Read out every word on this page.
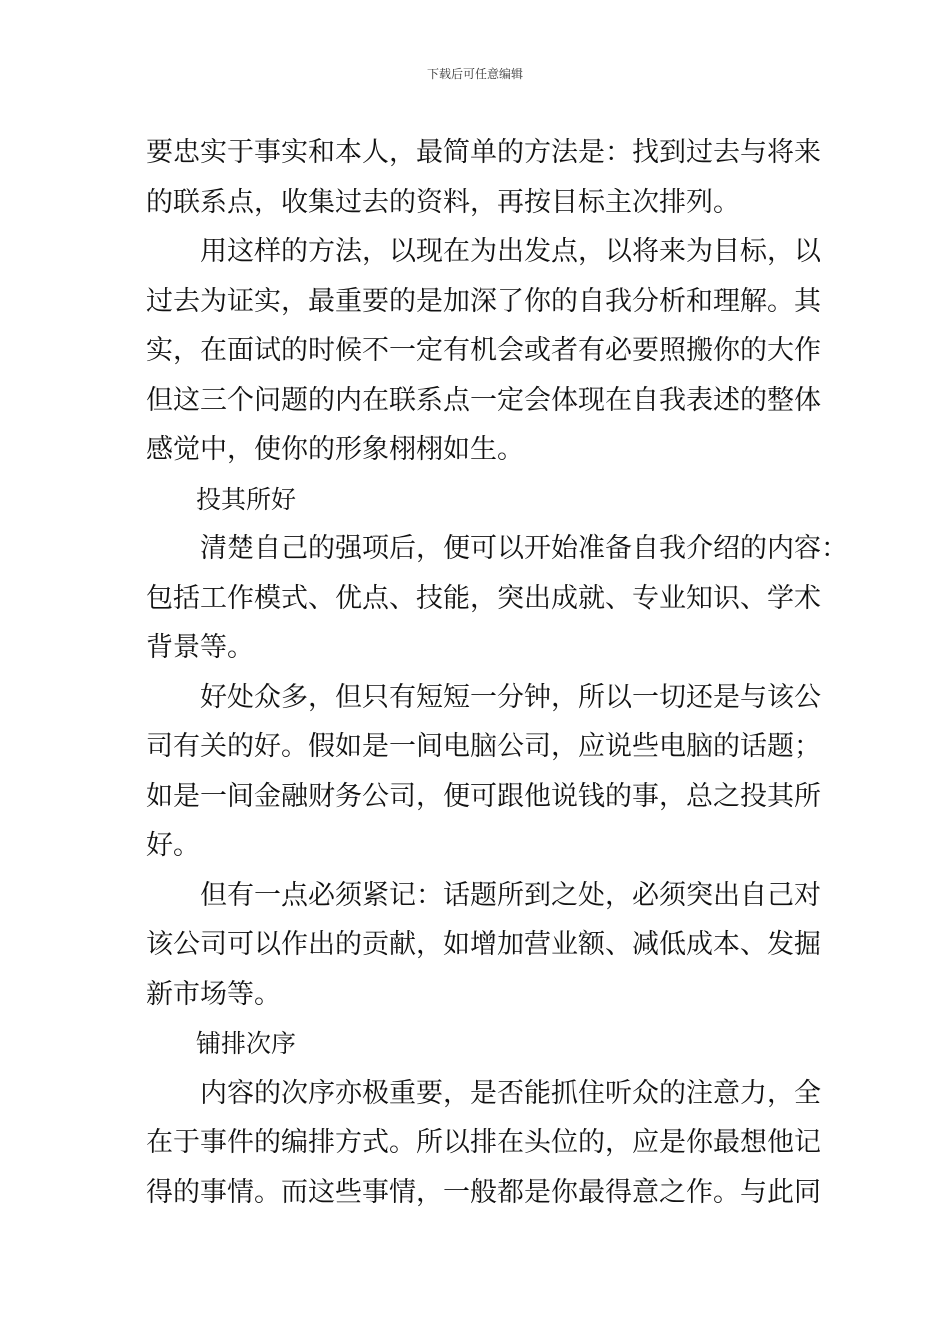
下载后可任意编辑

要忠实于事实和本人，最简单的方法是：找到过去与将来
的联系点，收集过去的资料，再按目标主次排列。

用这样的方法，以现在为出发点，以将来为目标，以
过去为证实，最重要的是加深了你的自我分析和理解。其
实，在面试的时候不一定有机会或者有必要照搬你的大作
但这三个问题的内在联系点一定会体现在自我表述的整体
感觉中，使你的形象栩栩如生。

投其所好

清楚自己的强项后，便可以开始准备自我介绍的内容：
包括工作模式、优点、技能，突出成就、专业知识、学术
背景等。

好处众多，但只有短短一分钟，所以一切还是与该公
司有关的好。假如是一间电脑公司，应说些电脑的话题；
如是一间金融财务公司，便可跟他说钱的事，总之投其所
好。

但有一点必须紧记：话题所到之处，必须突出自己对
该公司可以作出的贡献，如增加营业额、减低成本、发掘
新市场等。

铺排次序

内容的次序亦极重要，是否能抓住听众的注意力，全
在于事件的编排方式。所以排在头位的，应是你最想他记
得的事情。而这些事情，一般都是你最得意之作。与此同
